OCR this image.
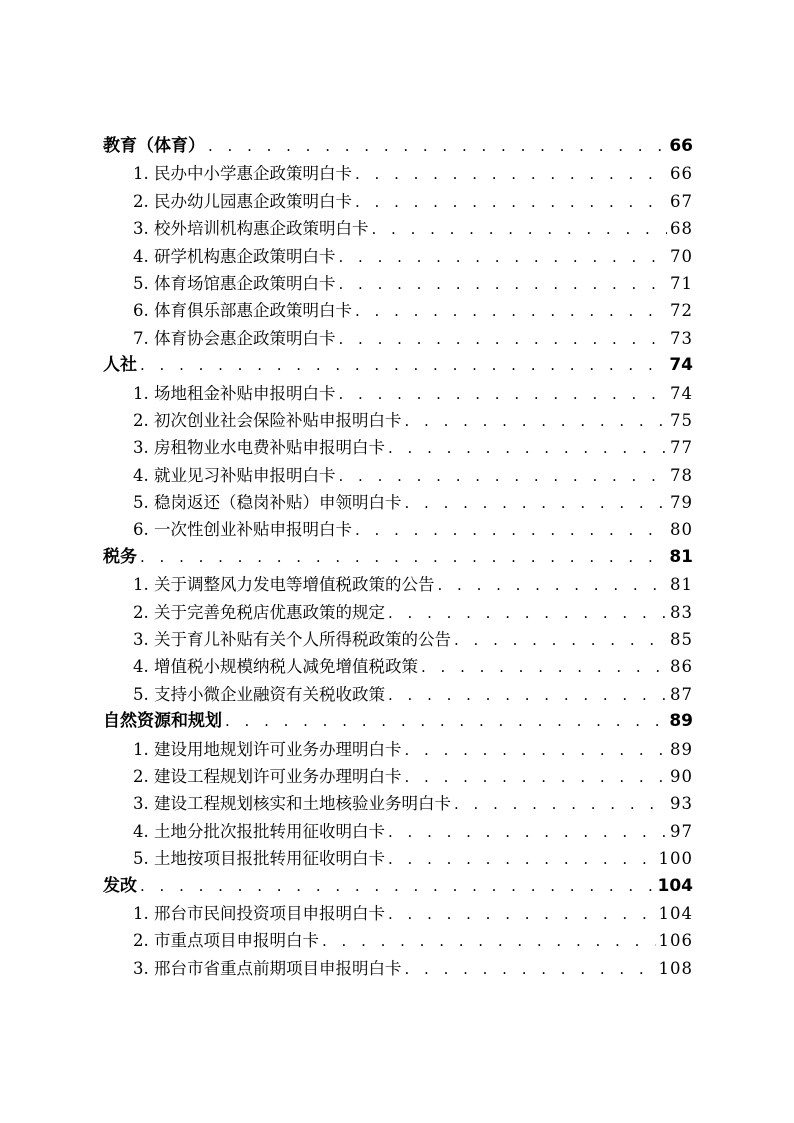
教育（体育） . . .	66
1. 民办中小学惠企政策明白卡 . . .	66
2. 民办幼儿园惠企政策明白卡 . . .	67
3. 校外培训机构惠企政策明白卡 . . .	68
4. 研学机构惠企政策明白卡 . . .	70
5. 体育场馆惠企政策明白卡 . . .	71
6. 体育俱乐部惠企政策明白卡 . . .	72
7. 体育协会惠企政策明白卡 . . .	73
人社 . . .	74
1. 场地租金补贴申报明白卡 . . .	74
2. 初次创业社会保险补贴申报明白卡 . . .	75
3. 房租物业水电费补贴申报明白卡 . . .	77
4. 就业见习补贴申报明白卡 . . .	78
5. 稳岗返还（稳岗补贴）申领明白卡 . . .	79
6. 一次性创业补贴申报明白卡 . . .	80
税务 . . .	81
1. 关于调整风力发电等增值税政策的公告 . . .	81
2. 关于完善免税店优惠政策的规定 . . .	83
3. 关于育儿补贴有关个人所得税政策的公告 . . .	85
4. 增值税小规模纳税人减免增值税政策 . . .	86
5. 支持小微企业融资有关税收政策 . . .	87
自然资源和规划 . . .	89
1. 建设用地规划许可业务办理明白卡 . . .	89
2. 建设工程规划许可业务办理明白卡 . . .	90
3. 建设工程规划核实和土地核验业务明白卡 . . .	93
4. 土地分批次报批转用征收明白卡 . . .	97
5. 土地按项目报批转用征收明白卡 . . .	100
发改 . . .	104
1. 邢台市民间投资项目申报明白卡 . . .	104
2. 市重点项目申报明白卡 . . .	106
3. 邢台市省重点前期项目申报明白卡 . . .	108
